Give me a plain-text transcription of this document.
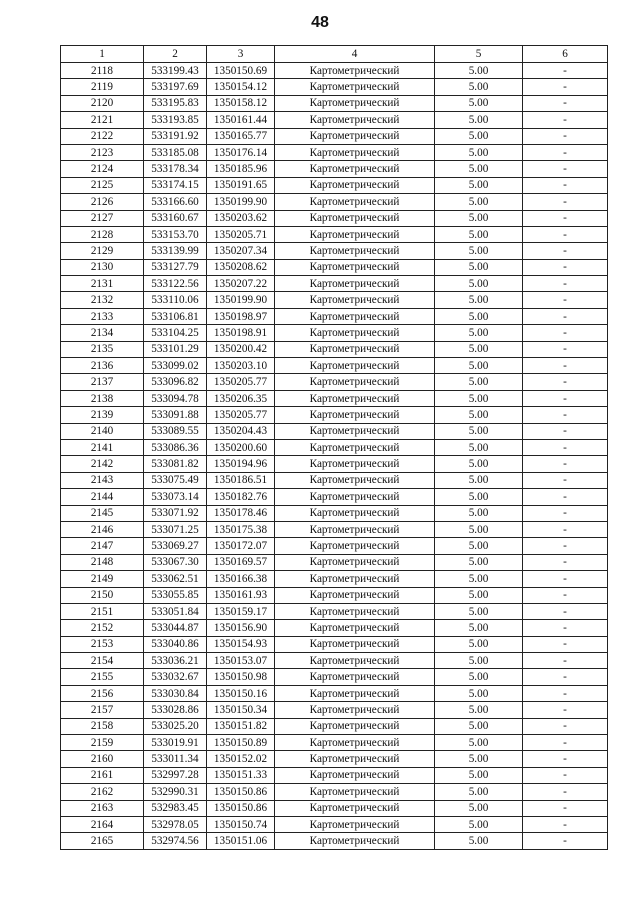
48
1	2	3	4	5	6
2118	533199.43	1350150.69	Картометрический	5.00	-
2119	533197.69	1350154.12	Картометрический	5.00	-
2120	533195.83	1350158.12	Картометрический	5.00	-
2121	533193.85	1350161.44	Картометрический	5.00	-
2122	533191.92	1350165.77	Картометрический	5.00	-
2123	533185.08	1350176.14	Картометрический	5.00	-
2124	533178.34	1350185.96	Картометрический	5.00	-
2125	533174.15	1350191.65	Картометрический	5.00	-
2126	533166.60	1350199.90	Картометрический	5.00	-
2127	533160.67	1350203.62	Картометрический	5.00	-
2128	533153.70	1350205.71	Картометрический	5.00	-
2129	533139.99	1350207.34	Картометрический	5.00	-
2130	533127.79	1350208.62	Картометрический	5.00	-
2131	533122.56	1350207.22	Картометрический	5.00	-
2132	533110.06	1350199.90	Картометрический	5.00	-
2133	533106.81	1350198.97	Картометрический	5.00	-
2134	533104.25	1350198.91	Картометрический	5.00	-
2135	533101.29	1350200.42	Картометрический	5.00	-
2136	533099.02	1350203.10	Картометрический	5.00	-
2137	533096.82	1350205.77	Картометрический	5.00	-
2138	533094.78	1350206.35	Картометрический	5.00	-
2139	533091.88	1350205.77	Картометрический	5.00	-
2140	533089.55	1350204.43	Картометрический	5.00	-
2141	533086.36	1350200.60	Картометрический	5.00	-
2142	533081.82	1350194.96	Картометрический	5.00	-
2143	533075.49	1350186.51	Картометрический	5.00	-
2144	533073.14	1350182.76	Картометрический	5.00	-
2145	533071.92	1350178.46	Картометрический	5.00	-
2146	533071.25	1350175.38	Картометрический	5.00	-
2147	533069.27	1350172.07	Картометрический	5.00	-
2148	533067.30	1350169.57	Картометрический	5.00	-
2149	533062.51	1350166.38	Картометрический	5.00	-
2150	533055.85	1350161.93	Картометрический	5.00	-
2151	533051.84	1350159.17	Картометрический	5.00	-
2152	533044.87	1350156.90	Картометрический	5.00	-
2153	533040.86	1350154.93	Картометрический	5.00	-
2154	533036.21	1350153.07	Картометрический	5.00	-
2155	533032.67	1350150.98	Картометрический	5.00	-
2156	533030.84	1350150.16	Картометрический	5.00	-
2157	533028.86	1350150.34	Картометрический	5.00	-
2158	533025.20	1350151.82	Картометрический	5.00	-
2159	533019.91	1350150.89	Картометрический	5.00	-
2160	533011.34	1350152.02	Картометрический	5.00	-
2161	532997.28	1350151.33	Картометрический	5.00	-
2162	532990.31	1350150.86	Картометрический	5.00	-
2163	532983.45	1350150.86	Картометрический	5.00	-
2164	532978.05	1350150.74	Картометрический	5.00	-
2165	532974.56	1350151.06	Картометрический	5.00	-
